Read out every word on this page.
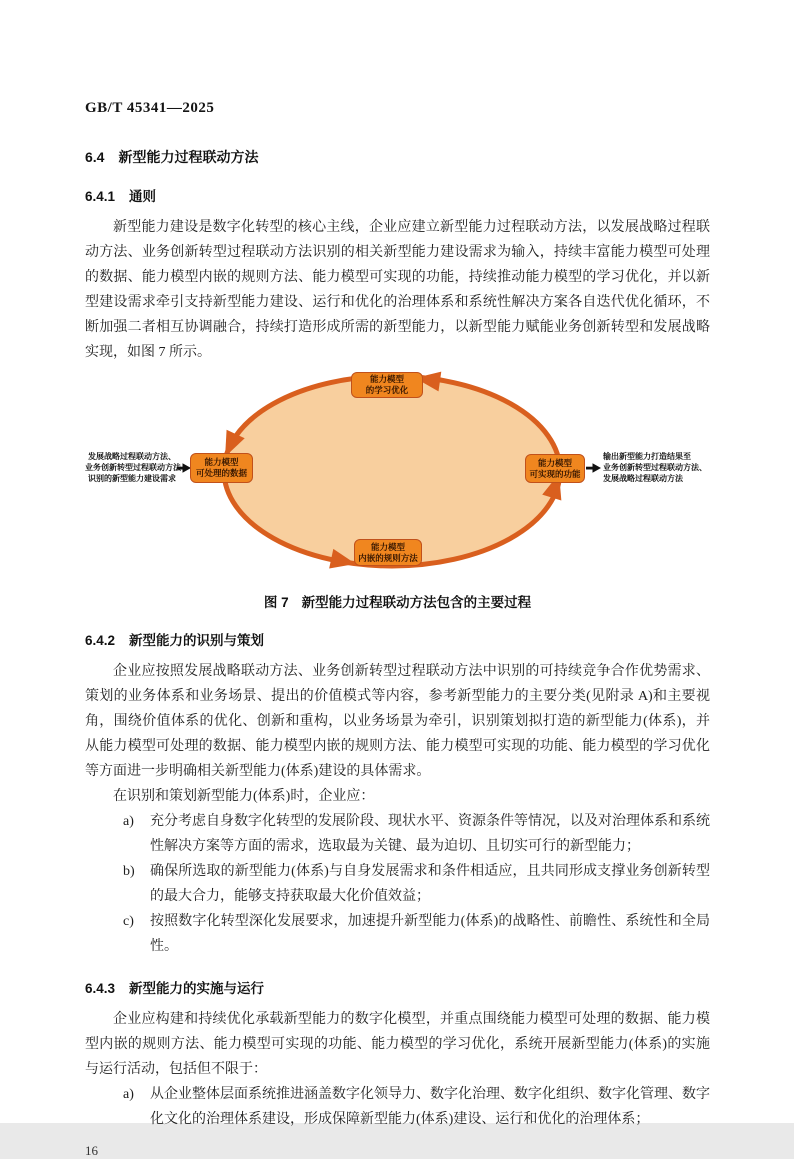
GB/T 45341—2025
6.4 新型能力过程联动方法
6.4.1 通则

新型能力建设是数字化转型的核心主线，企业应建立新型能力过程联动方法，以发展战略过程联动方法、业务创新转型过程联动方法识别的相关新型能力建设需求为输入，持续丰富能力模型可处理的数据、能力模型内嵌的规则方法、能力模型可实现的功能，持续推动能力模型的学习优化，并以新型建设需求牵引支持新型能力建设、运行和优化的治理体系和系统性解决方案各自迭代优化循环，不断加强二者相互协调融合，持续打造形成所需的新型能力，以新型能力赋能业务创新转型和发展战略实现，如图 7 所示。

能力模型
的学习优化
能力模型
可处理的数据
能力模型
可实现的功能
能力模型
内嵌的规则方法
发展战略过程联动方法、
业务创新转型过程联动方法
识别的新型能力建设需求
输出新型能力打造结果至
业务创新转型过程联动方法、
发展战略过程联动方法
图 7 新型能力过程联动方法包含的主要过程
6.4.2 新型能力的识别与策划

企业应按照发展战略联动方法、业务创新转型过程联动方法中识别的可持续竞争合作优势需求、策划的业务体系和业务场景、提出的价值模式等内容，参考新型能力的主要分类(见附录 A)和主要视角，围绕价值体系的优化、创新和重构，以业务场景为牵引，识别策划拟打造的新型能力(体系)，并从能力模型可处理的数据、能力模型内嵌的规则方法、能力模型可实现的功能、能力模型的学习优化等方面进一步明确相关新型能力(体系)建设的具体需求。

在识别和策划新型能力(体系)时，企业应：

a) 充分考虑自身数字化转型的发展阶段、现状水平、资源条件等情况，以及对治理体系和系统性解决方案等方面的需求，选取最为关键、最为迫切、且切实可行的新型能力；
b) 确保所选取的新型能力(体系)与自身发展需求和条件相适应，且共同形成支撑业务创新转型的最大合力，能够支持获取最大化价值效益；
c) 按照数字化转型深化发展要求，加速提升新型能力(体系)的战略性、前瞻性、系统性和全局性。
6.4.3 新型能力的实施与运行

企业应构建和持续优化承载新型能力的数字化模型，并重点围绕能力模型可处理的数据、能力模型内嵌的规则方法、能力模型可实现的功能、能力模型的学习优化，系统开展新型能力(体系)的实施与运行活动，包括但不限于：

a) 从企业整体层面系统推进涵盖数字化领导力、数字化治理、数字化组织、数字化管理、数字化文化的治理体系建设，形成保障新型能力(体系)建设、运行和优化的治理体系；
16
